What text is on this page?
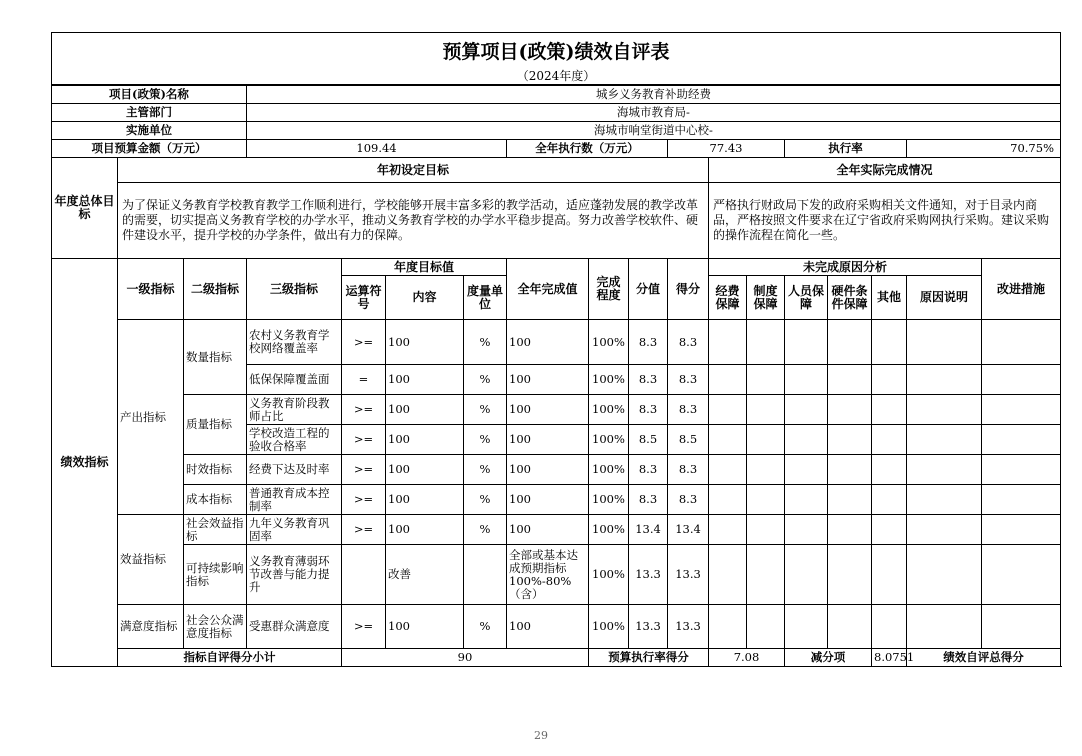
预算项目(政策)绩效自评表
（2024年度）
项目(政策)名称			城乡义务教育补助经费															
主管部门			海城市教育局-															
实施单位			海城市响堂街道中心校-															
项目预算金额（万元）			109.44				全年执行数（万元）			77.43			执行率			70.75%		
年度总体目标	年初设定目标										全年实际完成情况							
	为了保证义务教育学校教育教学工作顺利进行，学校能够开展丰富多彩的教学活动，适应蓬勃发展的教学改革的需要，切实提高义务教育学校的办学水平，推动义务教育学校的办学水平稳步提高。努力改善学校软件、硬件建设水平，提升学校的办学条件，做出有力的保障。										严格执行财政局下发的政府采购相关文件通知，对于目录内商品，严格按照文件要求在辽宁省政府采购网执行采购。建议采购的操作流程在简化一些。							
绩效指标	一级指标	二级指标	三级指标	年度目标值			全年完成值	完成程度	分值	得分	未完成原因分析						改进措施	
				运算符号	内容	度量单位					经费保障	制度保障	人员保障	硬件条件保障	其他	原因说明		
	产出指标	数量指标	农村义务教育学校网络覆盖率	>=	100	%	100	100%	8.3	8.3								
			低保保障覆盖面	=	100	%	100	100%	8.3	8.3								
		质量指标	义务教育阶段教师占比	>=	100	%	100	100%	8.3	8.3								
			学校改造工程的验收合格率	>=	100	%	100	100%	8.5	8.5								
		时效指标	经费下达及时率	>=	100	%	100	100%	8.3	8.3								
		成本指标	普通教育成本控制率	>=	100	%	100	100%	8.3	8.3								
	效益指标	社会效益指标	九年义务教育巩固率	>=	100	%	100	100%	13.4	13.4								
		可持续影响指标	义务教育薄弱环节改善与能力提升		改善		全部或基本达成预期指标100%-80%（含）	100%	13.3	13.3								
	满意度指标	社会公众满意度指标	受惠群众满意度	>=	100	%	100	100%	13.3	13.3								
	指标自评得分小计			90				预算执行率得分			7.08		减分项		8.0751	绩效自评总得分	
29
